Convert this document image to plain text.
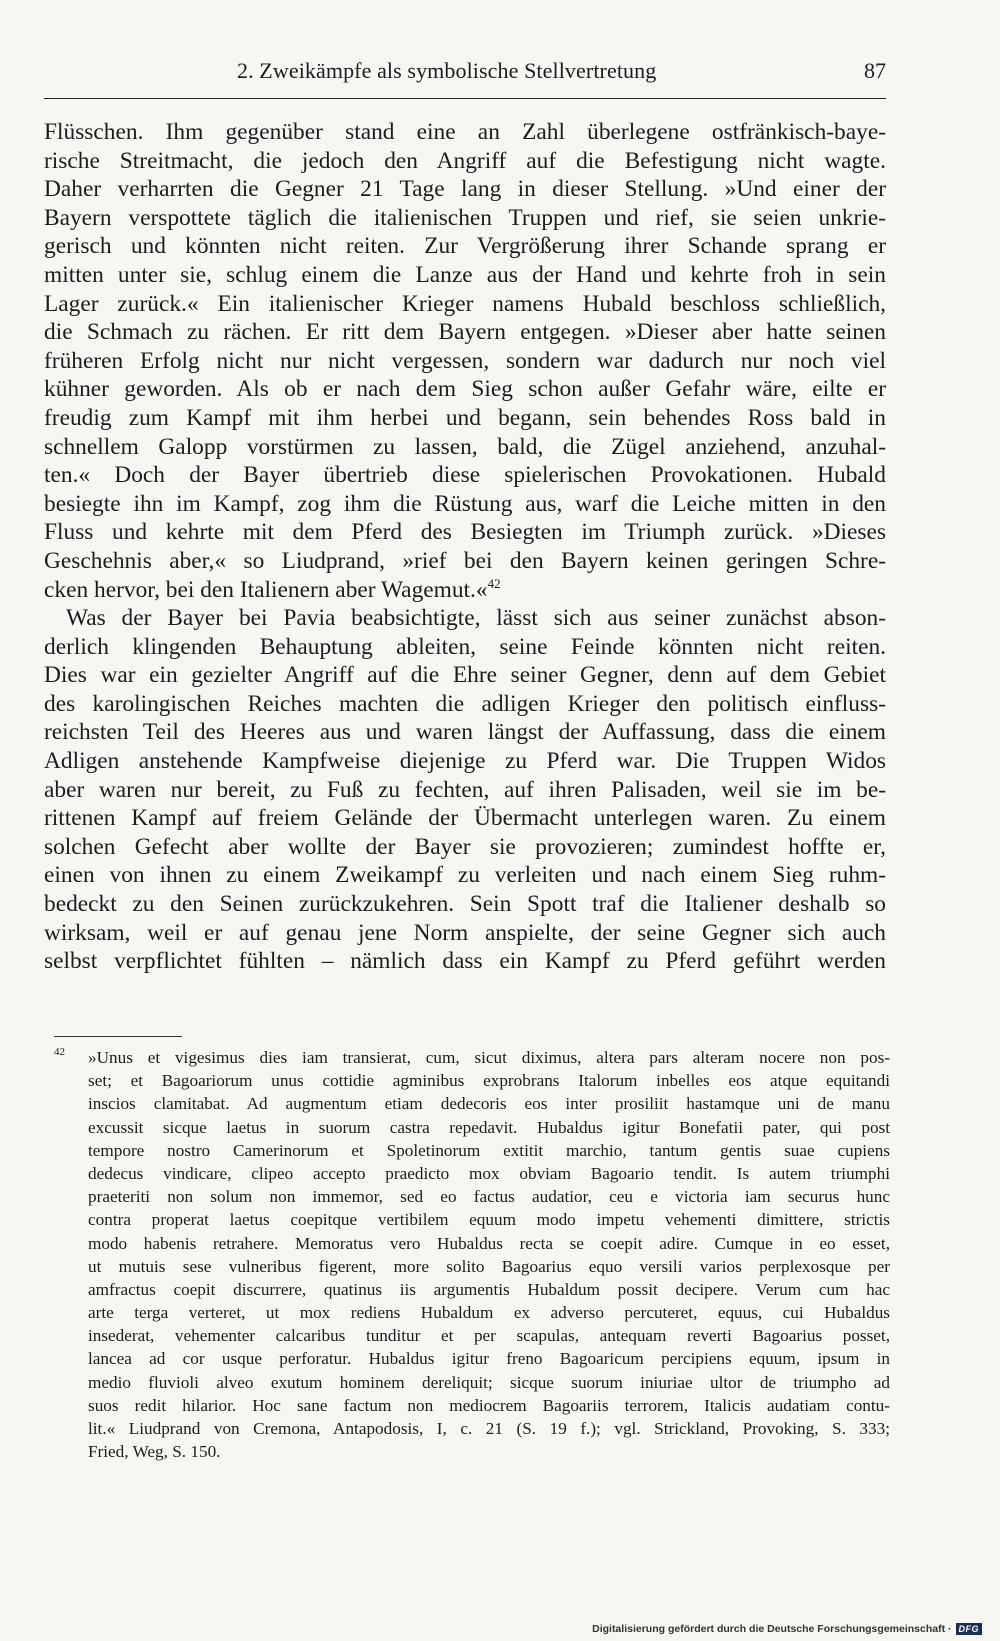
2. Zweikämpfe als symbolische Stellvertretung	87
Flüsschen. Ihm gegenüber stand eine an Zahl überlegene ostfränkisch-baye-
rische Streitmacht, die jedoch den Angriff auf die Befestigung nicht wagte.
Daher verharrten die Gegner 21 Tage lang in dieser Stellung. »Und einer der
Bayern verspottete täglich die italienischen Truppen und rief, sie seien unkrie-
gerisch und könnten nicht reiten. Zur Vergrößerung ihrer Schande sprang er
mitten unter sie, schlug einem die Lanze aus der Hand und kehrte froh in sein
Lager zurück.« Ein italienischer Krieger namens Hubald beschloss schließlich,
die Schmach zu rächen. Er ritt dem Bayern entgegen. »Dieser aber hatte seinen
früheren Erfolg nicht nur nicht vergessen, sondern war dadurch nur noch viel
kühner geworden. Als ob er nach dem Sieg schon außer Gefahr wäre, eilte er
freudig zum Kampf mit ihm herbei und begann, sein behendes Ross bald in
schnellem Galopp vorstürmen zu lassen, bald, die Zügel anziehend, anzuhal-
ten.« Doch der Bayer übertrieb diese spielerischen Provokationen. Hubald
besiegte ihn im Kampf, zog ihm die Rüstung aus, warf die Leiche mitten in den
Fluss und kehrte mit dem Pferd des Besiegten im Triumph zurück. »Dieses
Geschehnis aber,« so Liudprand, »rief bei den Bayern keinen geringen Schre-
cken hervor, bei den Italienern aber Wagemut.«$^{42}$
Was der Bayer bei Pavia beabsichtigte, lässt sich aus seiner zunächst abson-
derlich klingenden Behauptung ableiten, seine Feinde könnten nicht reiten.
Dies war ein gezielter Angriff auf die Ehre seiner Gegner, denn auf dem Gebiet
des karolingischen Reiches machten die adligen Krieger den politisch einfluss-
reichsten Teil des Heeres aus und waren längst der Auffassung, dass die einem
Adligen anstehende Kampfweise diejenige zu Pferd war. Die Truppen Widos
aber waren nur bereit, zu Fuß zu fechten, auf ihren Palisaden, weil sie im be-
rittenen Kampf auf freiem Gelände der Übermacht unterlegen waren. Zu einem
solchen Gefecht aber wollte der Bayer sie provozieren; zumindest hoffte er,
einen von ihnen zu einem Zweikampf zu verleiten und nach einem Sieg ruhm-
bedeckt zu den Seinen zurückzukehren. Sein Spott traf die Italiener deshalb so
wirksam, weil er auf genau jene Norm anspielte, der seine Gegner sich auch
selbst verpflichtet fühlten – nämlich dass ein Kampf zu Pferd geführt werden
42	»Unus et vigesimus dies iam transierat, cum, sicut diximus, altera pars alteram nocere non pos-
set; et Bagoariorum unus cottidie agminibus exprobrans Italorum inbelles eos atque equitandi
inscios clamitabat. Ad augmentum etiam dedecoris eos inter prosiliit hastamque uni de manu
excussit sicque laetus in suorum castra repedavit. Hubaldus igitur Bonefatii pater, qui post
tempore nostro Camerinorum et Spoletinorum extitit marchio, tantum gentis suae cupiens
dedecus vindicare, clipeo accepto praedicto mox obviam Bagoario tendit. Is autem triumphi
praeteriti non solum non immemor, sed eo factus audatior, ceu e victoria iam securus hunc
contra properat laetus coepitque vertibilem equum modo impetu vehementi dimittere, strictis
modo habenis retrahere. Memoratus vero Hubaldus recta se coepit adire. Cumque in eo esset,
ut mutuis sese vulneribus figerent, more solito Bagoarius equo versili varios perplexosque per
amfractus coepit discurrere, quatinus iis argumentis Hubaldum possit decipere. Verum cum hac
arte terga verteret, ut mox rediens Hubaldum ex adverso percuteret, equus, cui Hubaldus
insederat, vehementer calcaribus tunditur et per scapulas, antequam reverti Bagoarius posset,
lancea ad cor usque perforatur. Hubaldus igitur freno Bagoaricum percipiens equum, ipsum in
medio fluvioli alveo exutum hominem dereliquit; sicque suorum iniuriae ultor de triumpho ad
suos redit hilarior. Hoc sane factum non mediocrem Bagoariis terrorem, Italicis audatiam contu-
lit.« Liudprand von Cremona, Antapodosis, I, c. 21 (S. 19 f.); vgl. Strickland, Provoking, S. 333;
Fried, Weg, S. 150.
Digitalisierung gefördert durch die Deutsche Forschungsgemeinschaft · DFG
